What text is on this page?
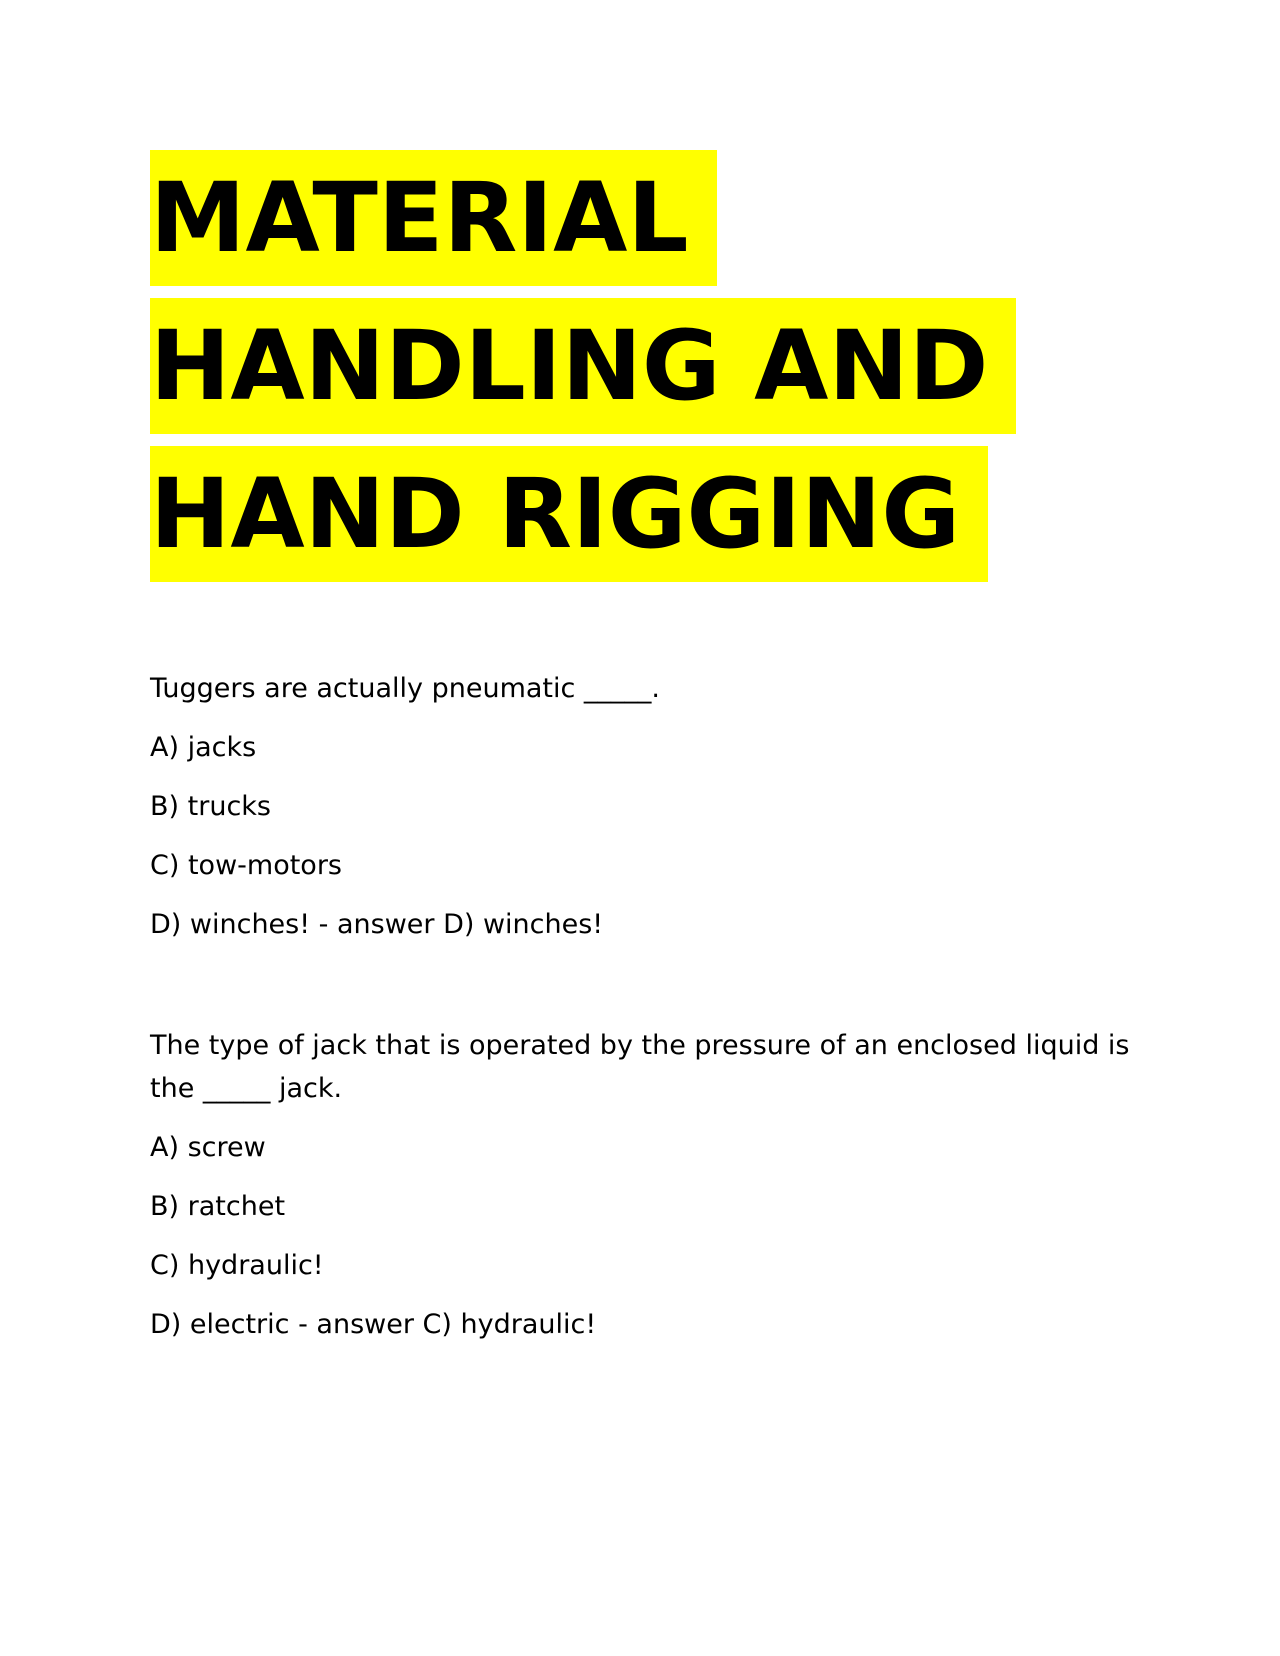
MATERIAL
HANDLING AND
HAND RIGGING

Tuggers are actually pneumatic _____.

A) jacks

B) trucks

C) tow-motors

D) winches! - answer D) winches!

The type of jack that is operated by the pressure of an enclosed liquid is the _____ jack.

A) screw

B) ratchet

C) hydraulic!

D) electric - answer C) hydraulic!
